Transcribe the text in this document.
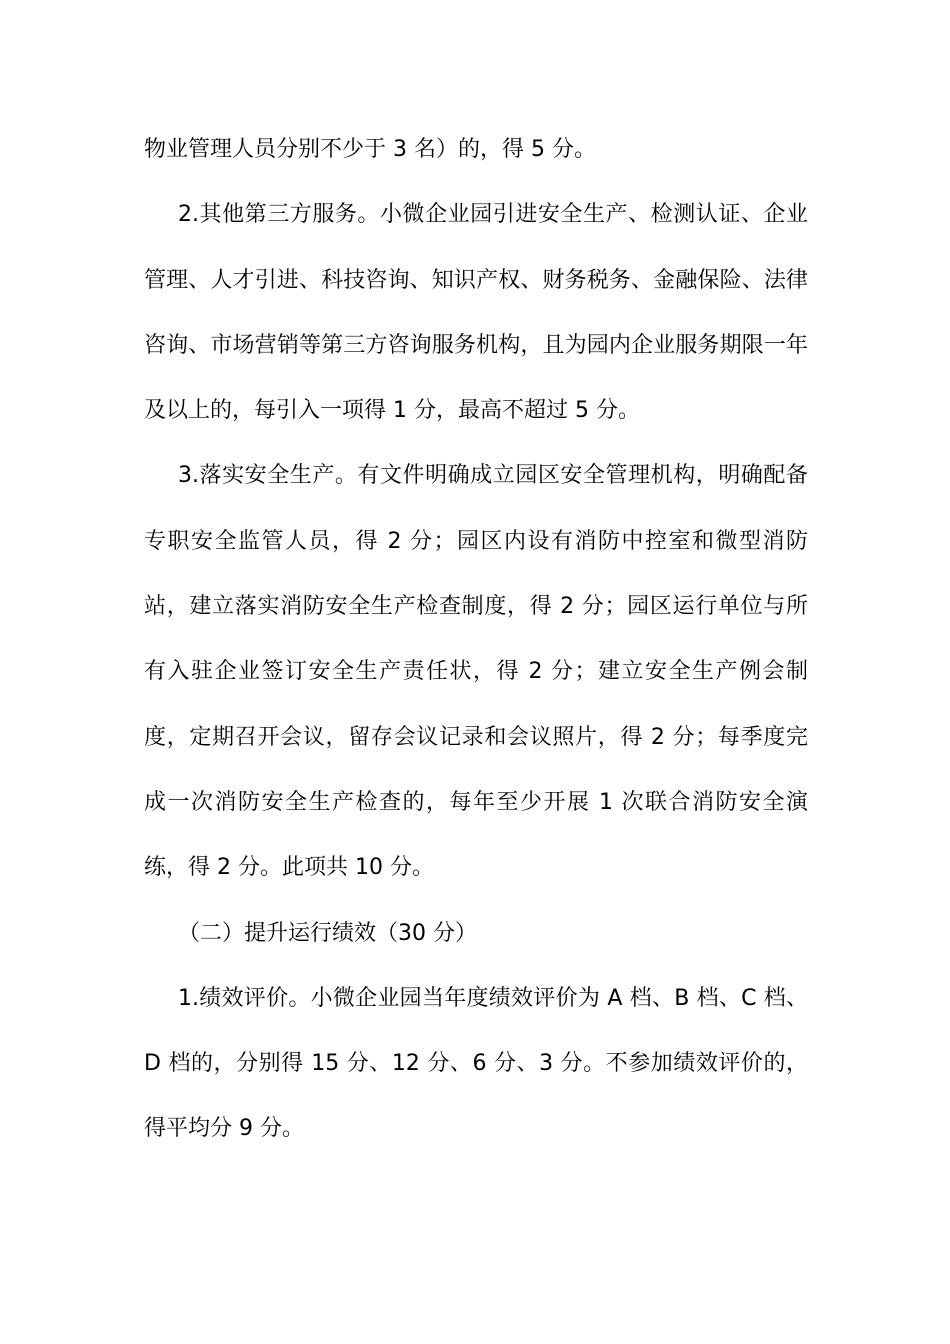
物业管理人员分别不少于 3 名）的，得 5 分。

2.其他第三方服务。小微企业园引进安全生产、检测认证、企业管理、人才引进、科技咨询、知识产权、财务税务、金融保险、法律咨询、市场营销等第三方咨询服务机构，且为园内企业服务期限一年及以上的，每引入一项得 1 分，最高不超过 5 分。

3.落实安全生产。有文件明确成立园区安全管理机构，明确配备专职安全监管人员，得 2 分；园区内设有消防中控室和微型消防站，建立落实消防安全生产检查制度，得 2 分；园区运行单位与所有入驻企业签订安全生产责任状，得 2 分；建立安全生产例会制度，定期召开会议，留存会议记录和会议照片，得 2 分；每季度完成一次消防安全生产检查的，每年至少开展 1 次联合消防安全演练，得 2 分。此项共 10 分。

（二）提升运行绩效（30 分）

1.绩效评价。小微企业园当年度绩效评价为 A 档、B 档、C 档、D 档的，分别得 15 分、12 分、6 分、3 分。不参加绩效评价的，得平均分 9 分。
